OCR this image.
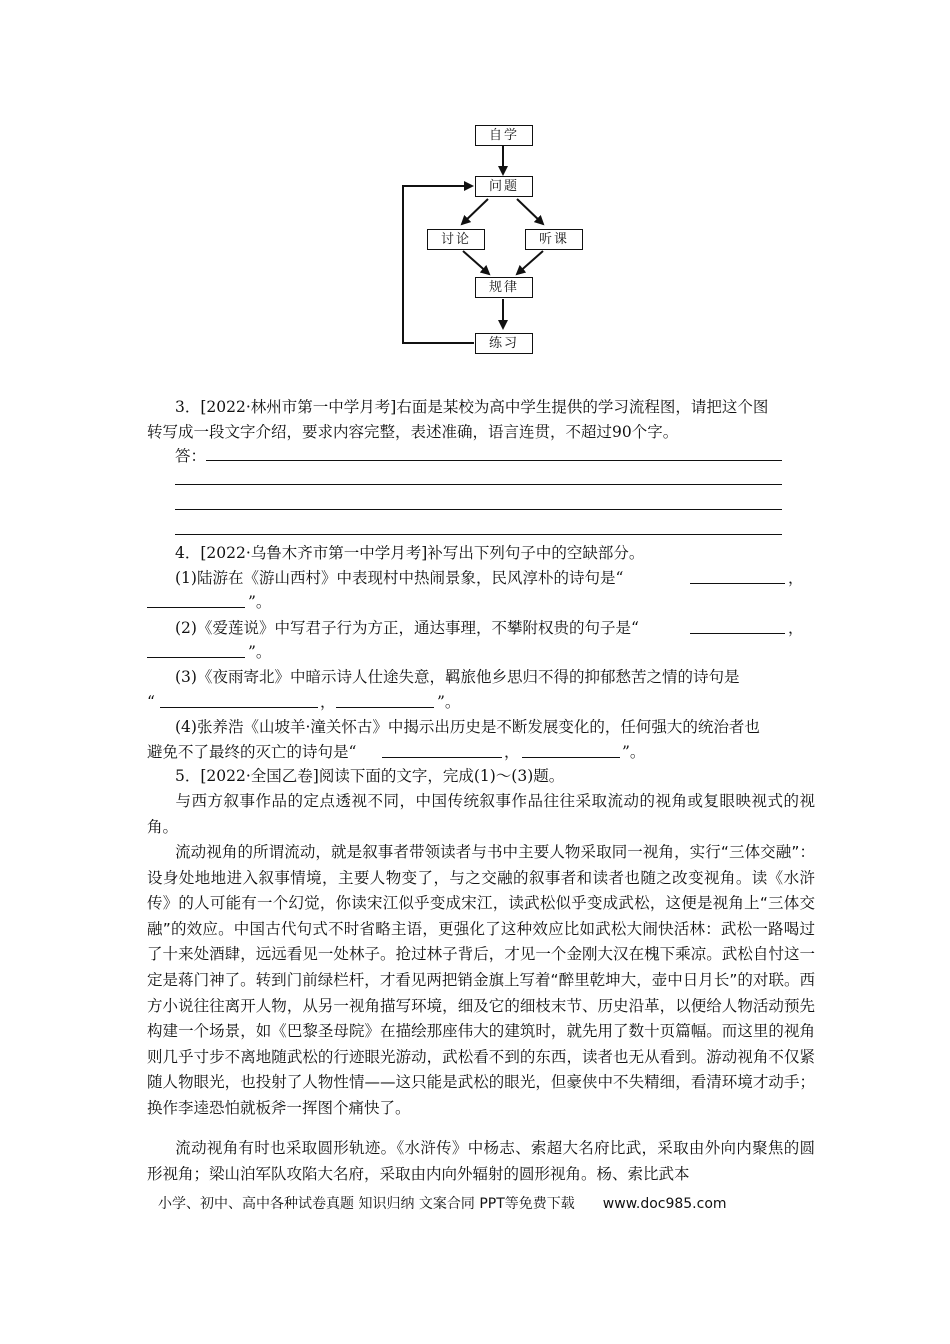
自学
问题
讨论	听课
规律
练习
3．[2022·林州市第一中学月考]右面是某校为高中学生提供的学习流程图，请把这个图
转写成一段文字介绍，要求内容完整，表述准确，语言连贯，不超过90个字。
答：
4．[2022·乌鲁木齐市第一中学月考]补写出下列句子中的空缺部分。
(1)陆游在《游山西村》中表现村中热闹景象，民风淳朴的诗句是“	，
”。
(2)《爱莲说》中写君子行为方正，通达事理，不攀附权贵的句子是“	，
”。
(3)《夜雨寄北》中暗示诗人仕途失意，羁旅他乡思归不得的抑郁愁苦之情的诗句是
“	，	”。
(4)张养浩《山坡羊·潼关怀古》中揭示出历史是不断发展变化的，任何强大的统治者也
避免不了最终的灭亡的诗句是“	，	”。
5．[2022·全国乙卷]阅读下面的文字，完成(1)～(3)题。
与西方叙事作品的定点透视不同，中国传统叙事作品往往采取流动的视角或复眼映视式的视角。
流动视角的所谓流动，就是叙事者带领读者与书中主要人物采取同一视角，实行“三体交融”：设身处地地进入叙事情境，主要人物变了，与之交融的叙事者和读者也随之改变视角。读《水浒传》的人可能有一个幻觉，你读宋江似乎变成宋江，读武松似乎变成武松，这便是视角上“三体交融”的效应。中国古代句式不时省略主语，更强化了这种效应比如武松大闹快活林：武松一路喝过了十来处酒肆，远远看见一处林子。抢过林子背后，才见一个金刚大汉在槐下乘凉。武松自忖这一定是蒋门神了。转到门前绿栏杆，才看见两把销金旗上写着“醉里乾坤大，壶中日月长”的对联。西方小说往往离开人物，从另一视角描写环境，细及它的细枝末节、历史沿革，以便给人物活动预先构建一个场景，如《巴黎圣母院》在描绘那座伟大的建筑时，就先用了数十页篇幅。而这里的视角则几乎寸步不离地随武松的行迹眼光游动，武松看不到的东西，读者也无从看到。游动视角不仅紧随人物眼光，也投射了人物性情——这只能是武松的眼光，但豪侠中不失精细，看清环境才动手；换作李逵恐怕就板斧一挥图个痛快了。
流动视角有时也采取圆形轨迹。《水浒传》中杨志、索超大名府比武，采取由外向内聚焦的圆形视角；梁山泊军队攻陷大名府，采取由内向外辐射的圆形视角。杨、索比武本
小学、初中、高中各种试卷真题 知识归纳 文案合同 PPT等免费下载 www.doc985.com
